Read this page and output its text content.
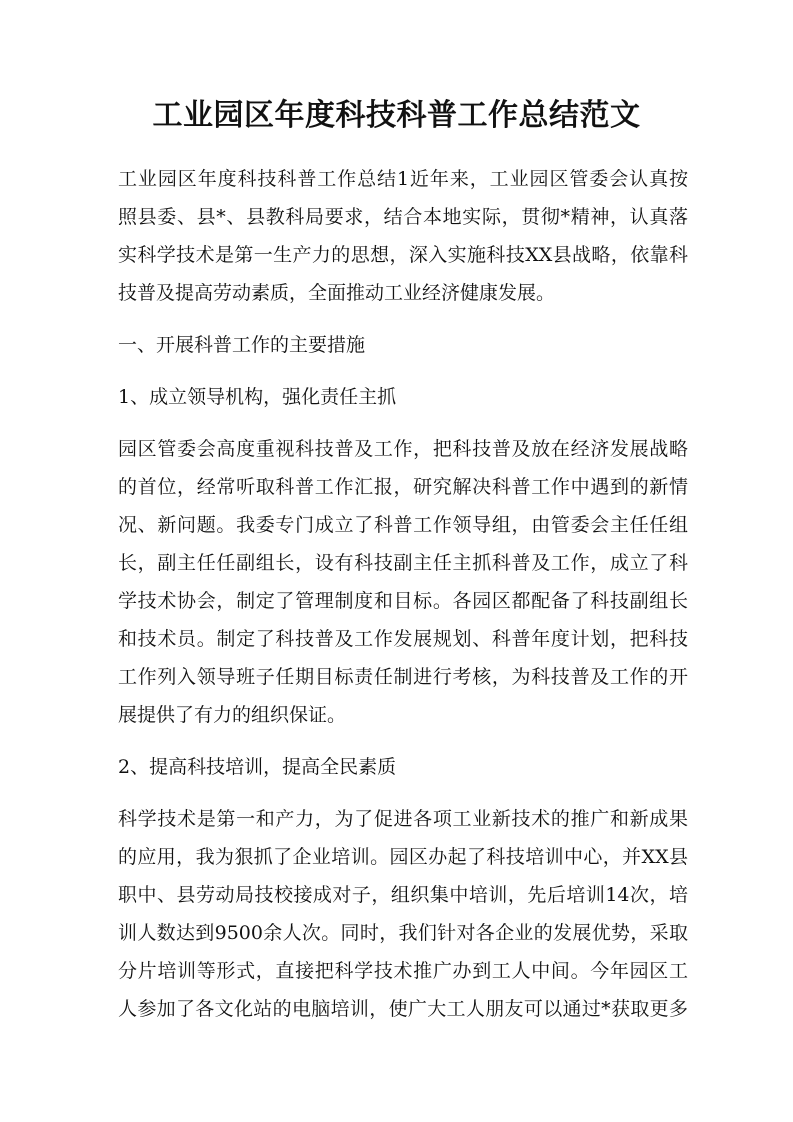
工业园区年度科技科普工作总结范文

工业园区年度科技科普工作总结1近年来，工业园区管委会认真按
照县委、县*、县教科局要求，结合本地实际，贯彻*精神，认真落
实科学技术是第一生产力的思想，深入实施科技XX县战略，依靠科
技普及提高劳动素质，全面推动工业经济健康发展。

一、开展科普工作的主要措施

1、成立领导机构，强化责任主抓

园区管委会高度重视科技普及工作，把科技普及放在经济发展战略
的首位，经常听取科普工作汇报，研究解决科普工作中遇到的新情
况、新问题。我委专门成立了科普工作领导组，由管委会主任任组
长，副主任任副组长，设有科技副主任主抓科普及工作，成立了科
学技术协会，制定了管理制度和目标。各园区都配备了科技副组长
和技术员。制定了科技普及工作发展规划、科普年度计划，把科技
工作列入领导班子任期目标责任制进行考核，为科技普及工作的开
展提供了有力的组织保证。

2、提高科技培训，提高全民素质

科学技术是第一和产力，为了促进各项工业新技术的推广和新成果
的应用，我为狠抓了企业培训。园区办起了科技培训中心，并XX县
职中、县劳动局技校接成对子，组织集中培训，先后培训14次，培
训人数达到9500余人次。同时，我们针对各企业的发展优势，采取
分片培训等形式，直接把科学技术推广办到工人中间。今年园区工
人参加了各文化站的电脑培训，使广大工人朋友可以通过*获取更多
